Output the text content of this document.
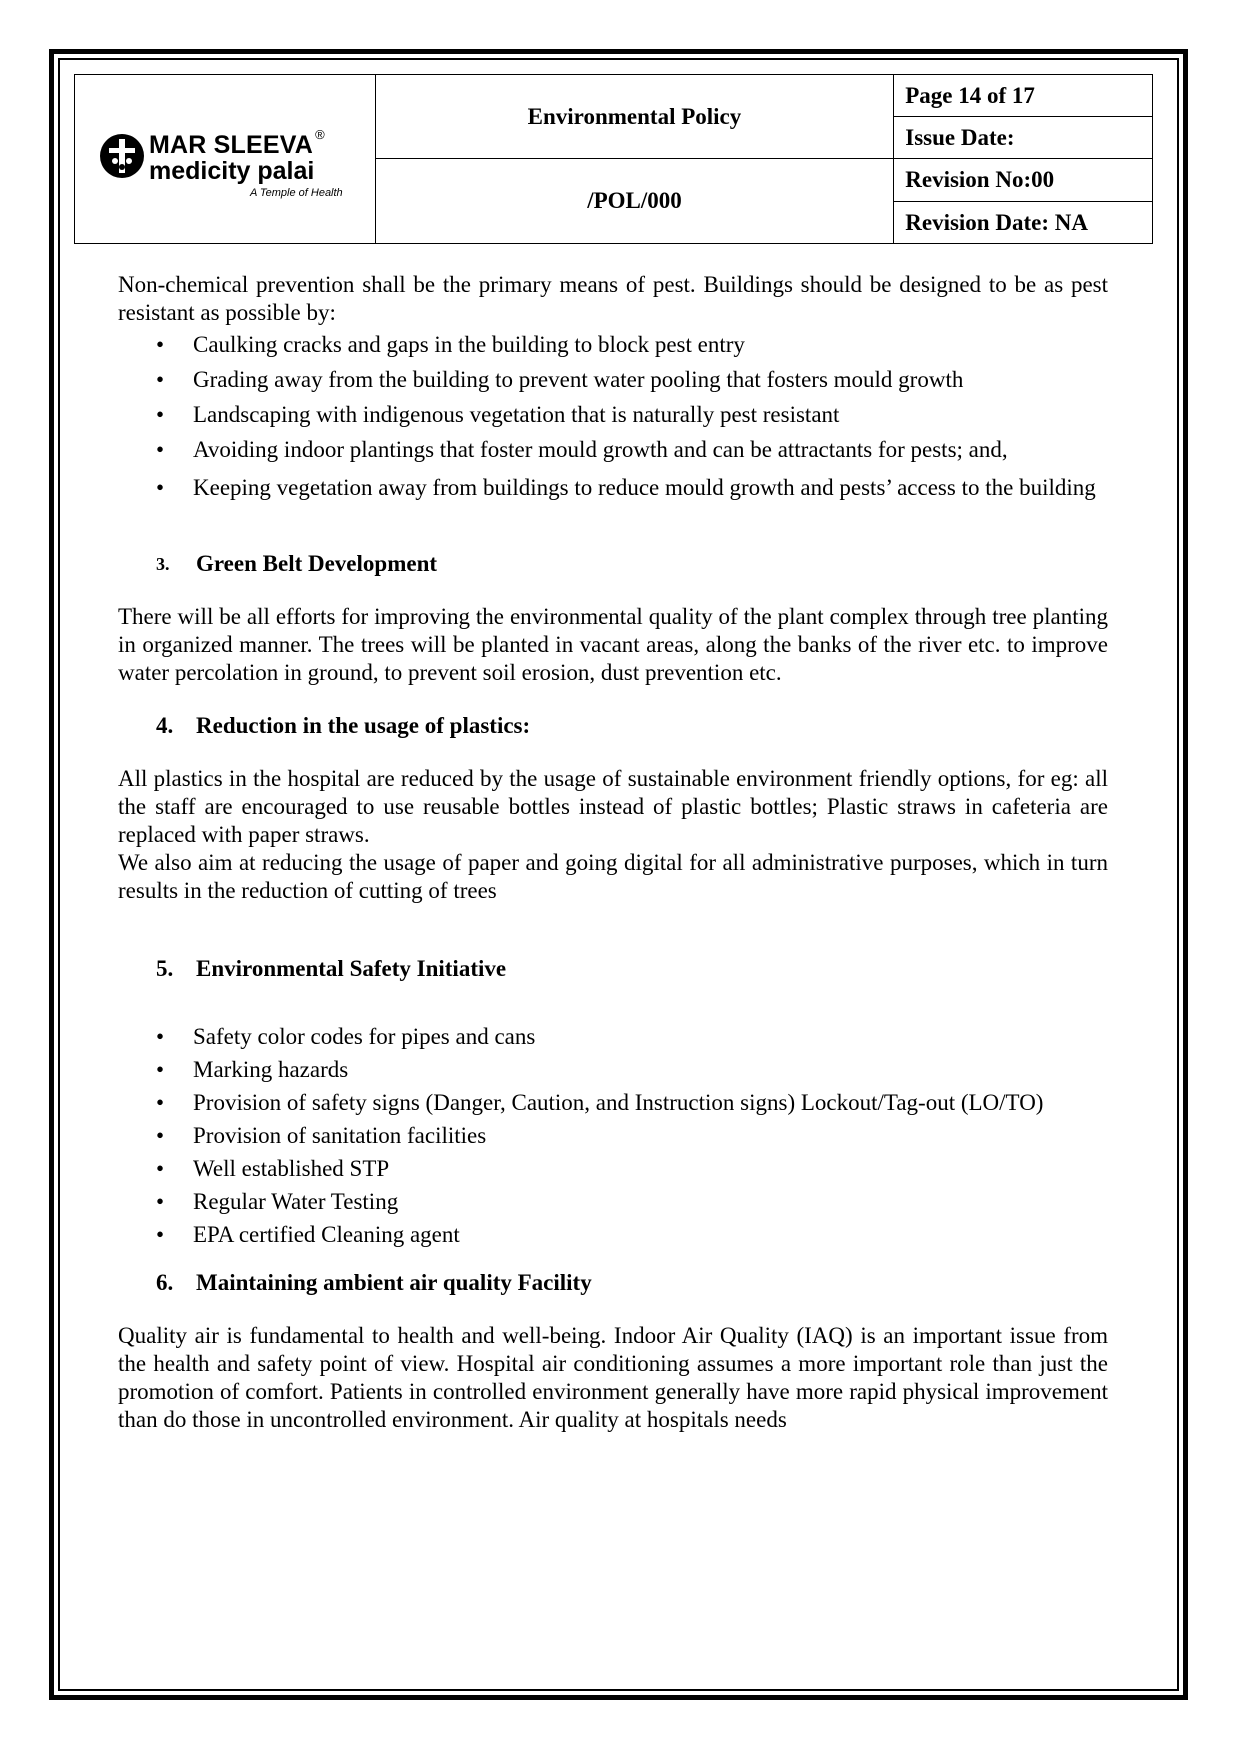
MAR SLEEVA ®
medicity palai
A Temple of Health	Environmental Policy	Page 14 of 17
		Issue Date:
	/POL/000	Revision No:00
		Revision Date: NA

Non-chemical prevention shall be the primary means of pest. Buildings should be designed to be as pest resistant as possible by:

• Caulking cracks and gaps in the building to block pest entry
• Grading away from the building to prevent water pooling that fosters mould growth
• Landscaping with indigenous vegetation that is naturally pest resistant
• Avoiding indoor plantings that foster mould growth and can be attractants for pests; and,
• Keeping vegetation away from buildings to reduce mould growth and pests’ access to the building
3.	Green Belt Development

There will be all efforts for improving the environmental quality of the plant complex through tree planting in organized manner. The trees will be planted in vacant areas, along the banks of the river etc. to improve water percolation in ground, to prevent soil erosion, dust prevention etc.

4. Reduction in the usage of plastics:

All plastics in the hospital are reduced by the usage of sustainable environment friendly options, for eg: all the staff are encouraged to use reusable bottles instead of plastic bottles; Plastic straws in cafeteria are replaced with paper straws.

We also aim at reducing the usage of paper and going digital for all administrative purposes, which in turn results in the reduction of cutting of trees

5. Environmental Safety Initiative
• Safety color codes for pipes and cans
• Marking hazards
• Provision of safety signs (Danger, Caution, and Instruction signs) Lockout/Tag-out (LO/TO)
• Provision of sanitation facilities
• Well established STP
• Regular Water Testing
• EPA certified Cleaning agent
6. Maintaining ambient air quality Facility

Quality air is fundamental to health and well-being. Indoor Air Quality (IAQ) is an important issue from the health and safety point of view. Hospital air conditioning assumes a more important role than just the promotion of comfort. Patients in controlled environment generally have more rapid physical improvement than do those in uncontrolled environment. Air quality at hospitals needs
